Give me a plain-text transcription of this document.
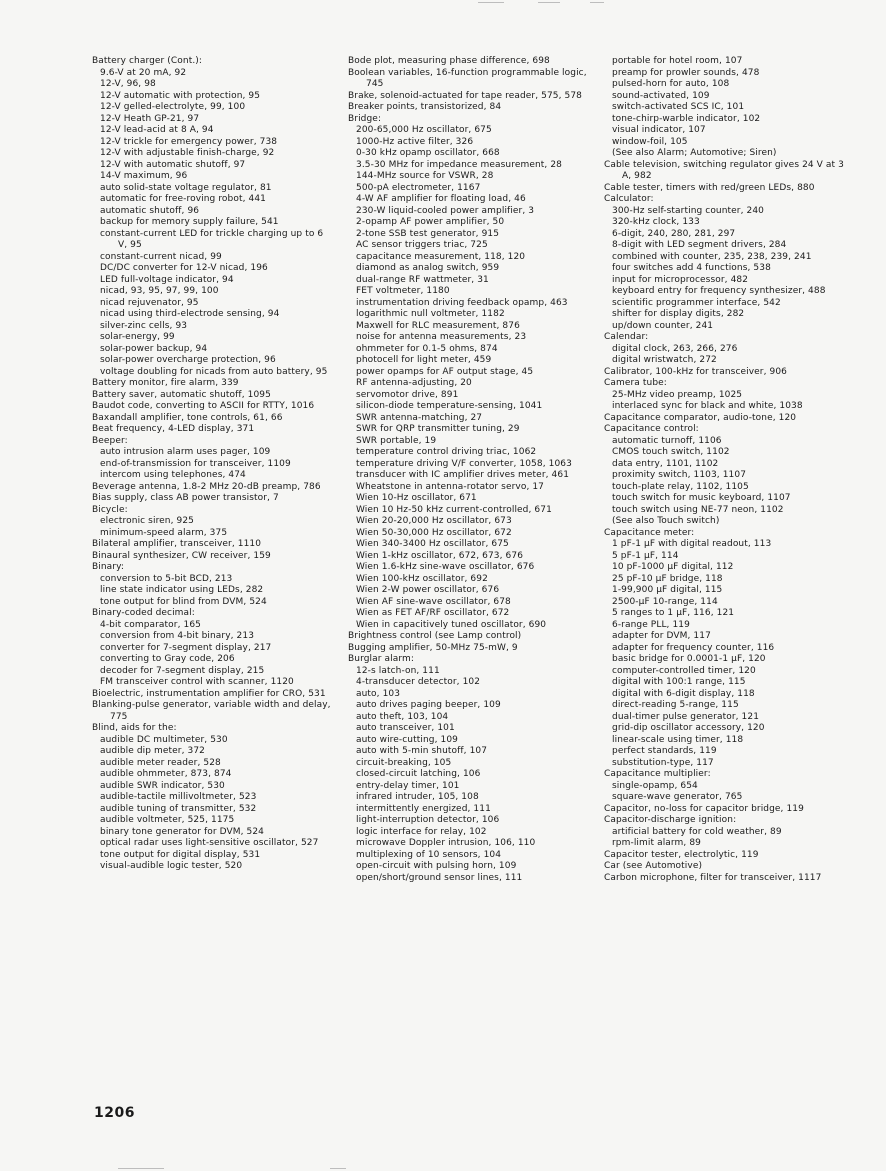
Battery charger (Cont.):
9.6-V at 20 mA, 92
12-V, 96, 98
12-V automatic with protection, 95
12-V gelled-electrolyte, 99, 100
12-V Heath GP-21, 97
12-V lead-acid at 8 A, 94
12-V trickle for emergency power, 738
12-V with adjustable finish-charge, 92
12-V with automatic shutoff, 97
14-V maximum, 96
auto solid-state voltage regulator, 81
automatic for free-roving robot, 441
automatic shutoff, 96
backup for memory supply failure, 541
constant-current LED for trickle charging up to 6 V, 95
constant-current nicad, 99
DC/DC converter for 12-V nicad, 196
LED full-voltage indicator, 94
nicad, 93, 95, 97, 99, 100
nicad rejuvenator, 95
nicad using third-electrode sensing, 94
silver-zinc cells, 93
solar-energy, 99
solar-power backup, 94
solar-power overcharge protection, 96
voltage doubling for nicads from auto battery, 95
Battery monitor, fire alarm, 339
Battery saver, automatic shutoff, 1095
Baudot code, converting to ASCII for RTTY, 1016
Baxandall amplifier, tone controls, 61, 66
Beat frequency, 4-LED display, 371
Beeper:
auto intrusion alarm uses pager, 109
end-of-transmission for transceiver, 1109
intercom using telephones, 474
Beverage antenna, 1.8-2 MHz 20-dB preamp, 786
Bias supply, class AB power transistor, 7
Bicycle:
electronic siren, 925
minimum-speed alarm, 375
Bilateral amplifier, transceiver, 1110
Binaural synthesizer, CW receiver, 159
Binary:
conversion to 5-bit BCD, 213
line state indicator using LEDs, 282
tone output for blind from DVM, 524
Binary-coded decimal:
4-bit comparator, 165
conversion from 4-bit binary, 213
converter for 7-segment display, 217
converting to Gray code, 206
decoder for 7-segment display, 215
FM transceiver control with scanner, 1120
Bioelectric, instrumentation amplifier for CRO, 531
Blanking-pulse generator, variable width and delay, 775
Blind, aids for the:
audible DC multimeter, 530
audible dip meter, 372
audible meter reader, 528
audible ohmmeter, 873, 874
audible SWR indicator, 530
audible-tactile millivoltmeter, 523
audible tuning of transmitter, 532
audible voltmeter, 525, 1175
binary tone generator for DVM, 524
optical radar uses light-sensitive oscillator, 527
tone output for digital display, 531
visual-audible logic tester, 520
Bode plot, measuring phase difference, 698
Boolean variables, 16-function programmable logic, 745
Brake, solenoid-actuated for tape reader, 575, 578
Breaker points, transistorized, 84
Bridge:
200-65,000 Hz oscillator, 675
1000-Hz active filter, 326
0-30 kHz opamp oscillator, 668
3.5-30 MHz for impedance measurement, 28
144-MHz source for VSWR, 28
500-pA electrometer, 1167
4-W AF amplifier for floating load, 46
230-W liquid-cooled power amplifier, 3
2-opamp AF power amplifier, 50
2-tone SSB test generator, 915
AC sensor triggers triac, 725
capacitance measurement, 118, 120
diamond as analog switch, 959
dual-range RF wattmeter, 31
FET voltmeter, 1180
instrumentation driving feedback opamp, 463
logarithmic null voltmeter, 1182
Maxwell for RLC measurement, 876
noise for antenna measurements, 23
ohmmeter for 0.1-5 ohms, 874
photocell for light meter, 459
power opamps for AF output stage, 45
RF antenna-adjusting, 20
servomotor drive, 891
silicon-diode temperature-sensing, 1041
SWR antenna-matching, 27
SWR for QRP transmitter tuning, 29
SWR portable, 19
temperature control driving triac, 1062
temperature driving V/F converter, 1058, 1063
transducer with IC amplifier drives meter, 461
Wheatstone in antenna-rotator servo, 17
Wien 10-Hz oscillator, 671
Wien 10 Hz-50 kHz current-controlled, 671
Wien 20-20,000 Hz oscillator, 673
Wien 50-30,000 Hz oscillator, 672
Wien 340-3400 Hz oscillator, 675
Wien 1-kHz oscillator, 672, 673, 676
Wien 1.6-kHz sine-wave oscillator, 676
Wien 100-kHz oscillator, 692
Wien 2-W power oscillator, 676
Wien AF sine-wave oscillator, 678
Wien as FET AF/RF oscillator, 672
Wien in capacitively tuned oscillator, 690
Brightness control (see Lamp control)
Bugging amplifier, 50-MHz 75-mW, 9
Burglar alarm:
12-s latch-on, 111
4-transducer detector, 102
auto, 103
auto drives paging beeper, 109
auto theft, 103, 104
auto transceiver, 101
auto wire-cutting, 109
auto with 5-min shutoff, 107
circuit-breaking, 105
closed-circuit latching, 106
entry-delay timer, 101
infrared intruder, 105, 108
intermittently energized, 111
light-interruption detector, 106
logic interface for relay, 102
microwave Doppler intrusion, 106, 110
multiplexing of 10 sensors, 104
open-circuit with pulsing horn, 109
open/short/ground sensor lines, 111
portable for hotel room, 107
preamp for prowler sounds, 478
pulsed-horn for auto, 108
sound-activated, 109
switch-activated SCS IC, 101
tone-chirp-warble indicator, 102
visual indicator, 107
window-foil, 105
(See also Alarm; Automotive; Siren)
Cable television, switching regulator gives 24 V at 3 A, 982
Cable tester, timers with red/green LEDs, 880
Calculator:
300-Hz self-starting counter, 240
320-kHz clock, 133
6-digit, 240, 280, 281, 297
8-digit with LED segment drivers, 284
combined with counter, 235, 238, 239, 241
four switches add 4 functions, 538
input for microprocessor, 482
keyboard entry for frequency synthesizer, 488
scientific programmer interface, 542
shifter for display digits, 282
up/down counter, 241
Calendar:
digital clock, 263, 266, 276
digital wristwatch, 272
Calibrator, 100-kHz for transceiver, 906
Camera tube:
25-MHz video preamp, 1025
interlaced sync for black and white, 1038
Capacitance comparator, audio-tone, 120
Capacitance control:
automatic turnoff, 1106
CMOS touch switch, 1102
data entry, 1101, 1102
proximity switch, 1103, 1107
touch-plate relay, 1102, 1105
touch switch for music keyboard, 1107
touch switch using NE-77 neon, 1102
(See also Touch switch)
Capacitance meter:
1 pF-1 μF with digital readout, 113
5 pF-1 μF, 114
10 pF-1000 μF digital, 112
25 pF-10 μF bridge, 118
1-99,900 μF digital, 115
2500-μF 10-range, 114
5 ranges to 1 μF, 116, 121
6-range PLL, 119
adapter for DVM, 117
adapter for frequency counter, 116
basic bridge for 0.0001-1 μF, 120
computer-controlled timer, 120
digital with 100:1 range, 115
digital with 6-digit display, 118
direct-reading 5-range, 115
dual-timer pulse generator, 121
grid-dip oscillator accessory, 120
linear-scale using timer, 118
perfect standards, 119
substitution-type, 117
Capacitance multiplier:
single-opamp, 654
square-wave generator, 765
Capacitor, no-loss for capacitor bridge, 119
Capacitor-discharge ignition:
artificial battery for cold weather, 89
rpm-limit alarm, 89
Capacitor tester, electrolytic, 119
Car (see Automotive)
Carbon microphone, filter for transceiver, 1117
1206
